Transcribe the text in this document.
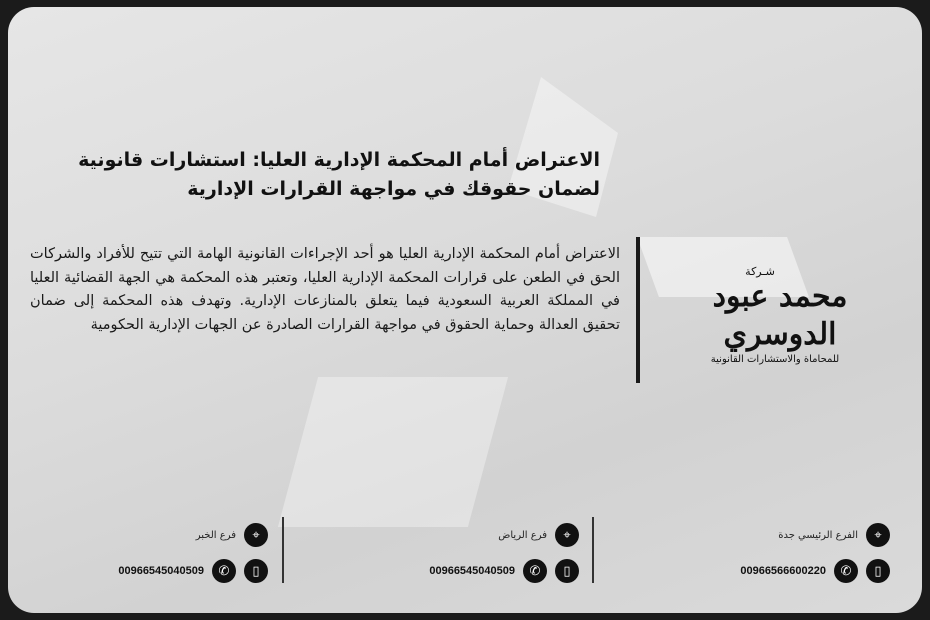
الاعتراض أمام المحكمة الإدارية العليا: استشارات قانونية لضمان حقوقك في مواجهة القرارات الإدارية
الاعتراض أمام المحكمة الإدارية العليا هو أحد الإجراءات القانونية الهامة التي تتيح للأفراد والشركات الحق في الطعن على قرارات المحكمة الإدارية العليا، وتعتبر هذه المحكمة هي الجهة القضائية العليا في المملكة العربية السعودية فيما يتعلق بالمنازعات الإدارية. وتهدف هذه المحكمة إلى ضمان تحقيق العدالة وحماية الحقوق في مواجهة القرارات الصادرة عن الجهات الإدارية الحكومية
شـركة
محمد عبود الدوسري
للمحاماة والاستشارات القانونية
⌖
الفرع الرئيسي جدة
▯
✆
00966566600220
⌖
فرع الرياض
▯
✆
00966545040509
⌖
فرع الخبر
▯
✆
00966545040509
